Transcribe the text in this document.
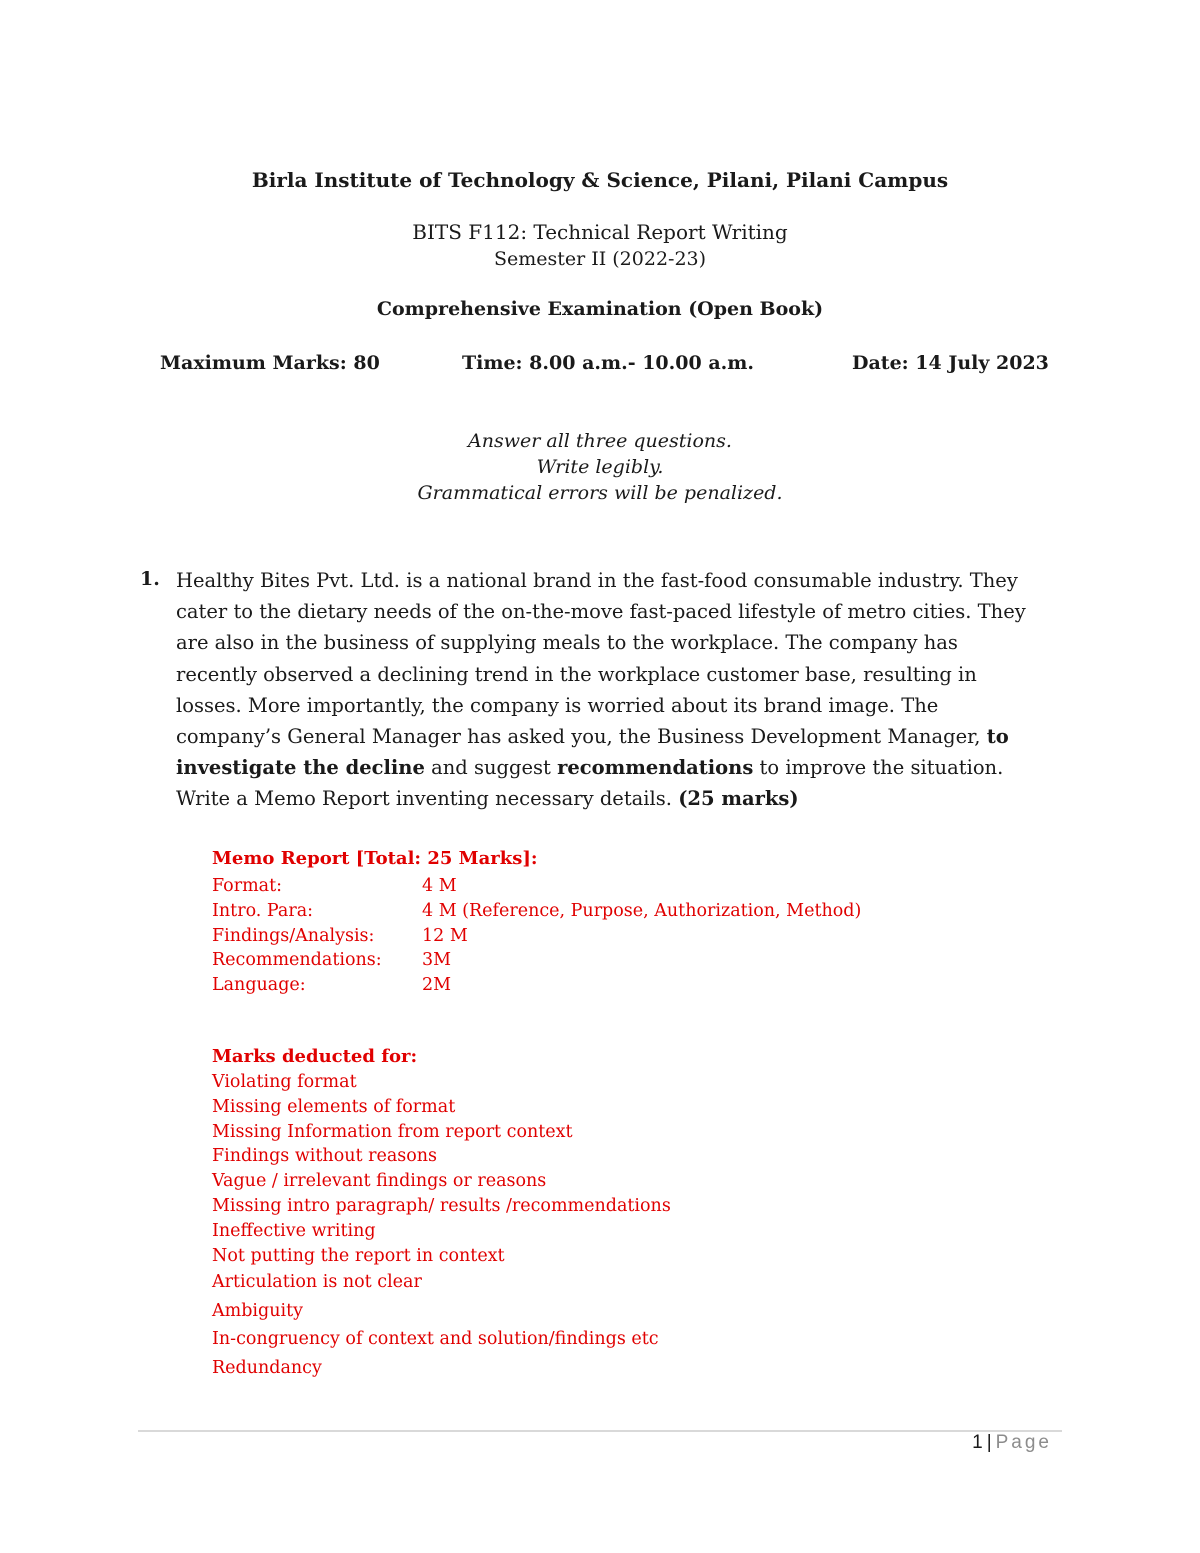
Birla Institute of Technology & Science, Pilani, Pilani Campus
BITS F112: Technical Report Writing
Semester II (2022-23)
Comprehensive Examination (Open Book)
Maximum Marks: 80	Time: 8.00 a.m.- 10.00 a.m.	Date: 14 July 2023
Answer all three questions.
Write legibly.
Grammatical errors will be penalized.
1. Healthy Bites Pvt. Ltd. is a national brand in the fast-food consumable industry. They cater to the dietary needs of the on-the-move fast-paced lifestyle of metro cities. They are also in the business of supplying meals to the workplace. The company has recently observed a declining trend in the workplace customer base, resulting in losses. More importantly, the company is worried about its brand image. The company’s General Manager has asked you, the Business Development Manager, to investigate the decline and suggest recommendations to improve the situation. Write a Memo Report inventing necessary details. (25 marks)
Memo Report [Total: 25 Marks]:
Format:	4 M
Intro. Para:	4 M (Reference, Purpose, Authorization, Method)
Findings/Analysis:	12 M
Recommendations:	3M
Language:	2M
Marks deducted for:
Violating format
Missing elements of format
Missing Information from report context
Findings without reasons
Vague / irrelevant findings or reasons
Missing intro paragraph/ results /recommendations
Ineffective writing
Not putting the report in context
Articulation is not clear
Ambiguity
In-congruency of context and solution/findings etc
Redundancy
1 | Page
